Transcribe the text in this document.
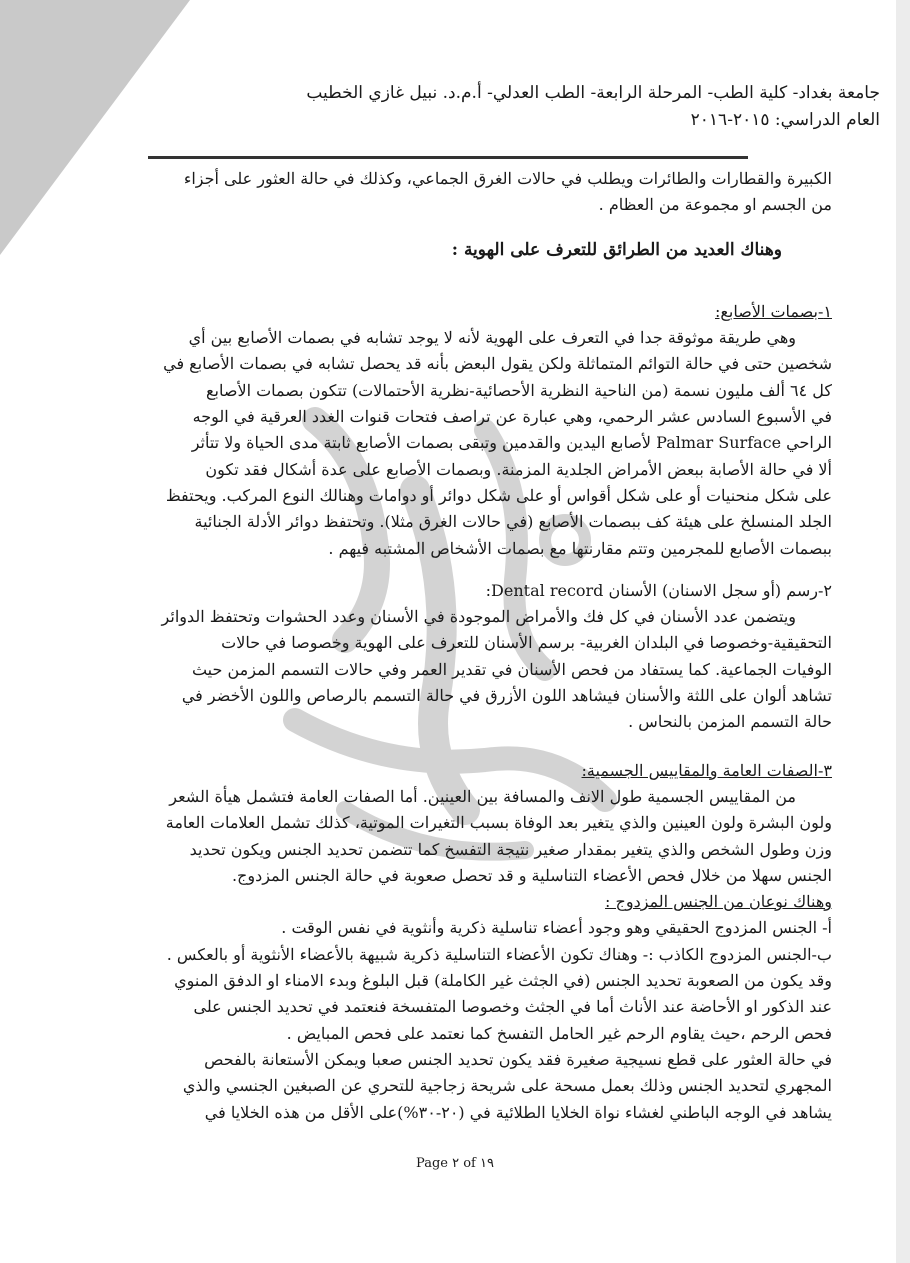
جامعة بغداد- كلية الطب- المرحلة الرابعة- الطب العدلي- أ.م.د. نبيل غازي الخطيب
العام الدراسي: ٢٠١٥-٢٠١٦

الكبيرة والقطارات والطائرات ويطلب في حالات الغرق الجماعي، وكذلك في حالة العثور على أجزاء

من الجسم او مجموعة من العظام .

وهناك العديد من الطرائق للتعرف على الهوية :

١-بصمات الأصابع:

وهي طريقة موثوقة جدا في التعرف على الهوية لأنه لا يوجد تشابه في بصمات الأصابع بين أي

شخصين حتى في حالة التوائم المتماثلة ولكن يقول البعض بأنه قد يحصل تشابه في بصمات الأصابع في

كل ٦٤ ألف مليون نسمة (من الناحية النظرية الأحصائية-نظرية الأحتمالات) تتكون بصمات الأصابع

في الأسبوع السادس عشر الرحمي، وهي عبارة عن تراصف فتحات قنوات الغدد العرقية في الوجه

الراحي Palmar Surface لأصابع اليدين والقدمين وتبقى بصمات الأصابع ثابتة مدى الحياة ولا تتأثر

ألا في حالة الأصابة ببعض الأمراض الجلدية المزمنة. وبصمات الأصابع على عدة أشكال فقد تكون

على شكل منحنيات أو على شكل أقواس أو على شكل دوائر أو دوامات وهنالك النوع المركب. ويحتفظ

الجلد المنسلخ على هيئة كف ببصمات الأصابع (في حالات الغرق مثلا). وتحتفظ دوائر الأدلة الجنائية

ببصمات الأصابع للمجرمين وتتم مقارنتها مع بصمات الأشخاص المشتبه فيهم .

٢-رسم (أو سجل الاسنان) الأسنان Dental record:

ويتضمن عدد الأسنان في كل فك والأمراض الموجودة في الأسنان وعدد الحشوات وتحتفظ الدوائر

التحقيقية-وخصوصا في البلدان الغربية- برسم الأسنان للتعرف على الهوية وخصوصا في حالات

الوفيات الجماعية. كما يستفاد من فحص الأسنان في تقدير العمر وفي حالات التسمم المزمن حيث

تشاهد ألوان على اللثة والأسنان فيشاهد اللون الأزرق في حالة التسمم بالرصاص واللون الأخضر في

حالة التسمم المزمن بالنحاس .

٣-الصفات العامة والمقاييس الجسمية:

من المقاييس الجسمية طول الانف والمسافة بين العينين. أما الصفات العامة فتشمل هيأة الشعر

ولون البشرة ولون العينين والذي يتغير بعد الوفاة بسبب التغيرات الموتية، كذلك تشمل العلامات العامة

وزن وطول الشخص والذي يتغير بمقدار صغير نتيجة التفسخ كما تتضمن تحديد الجنس ويكون تحديد

الجنس سهلا من خلال فحص الأعضاء التناسلية و قد تحصل صعوبة في حالة الجنس المزدوج.

وهناك نوعان من الجنس المزدوج :

أ- الجنس المزدوج الحقيقي وهو وجود أعضاء تناسلية ذكرية وأنثوية في نفس الوقت .

ب-الجنس المزدوج الكاذب :- وهناك تكون الأعضاء التناسلية ذكرية شبيهة بالأعضاء الأنثوية أو بالعكس .

وقد يكون من الصعوبة تحديد الجنس (في الجثث غير الكاملة) قبل البلوغ وبدء الامناء او الدفق المنوي

عند الذكور او الأحاضة عند الأناث أما في الجثث وخصوصا المتفسخة فنعتمد في تحديد الجنس على

فحص الرحم ،حيث يقاوم الرحم غير الحامل التفسخ كما نعتمد على فحص المبايض .

في حالة العثور على قطع نسيجية صغيرة فقد يكون تحديد الجنس صعبا ويمكن الأستعانة بالفحص

المجهري لتحديد الجنس وذلك بعمل مسحة على شريحة زجاجية للتحري عن الصبغين الجنسي والذي

يشاهد في الوجه الباطني لغشاء نواة الخلايا الطلائية في (٢٠-٣٠%)على الأقل من هذه الخلايا في

Page ٢ of ١٩
